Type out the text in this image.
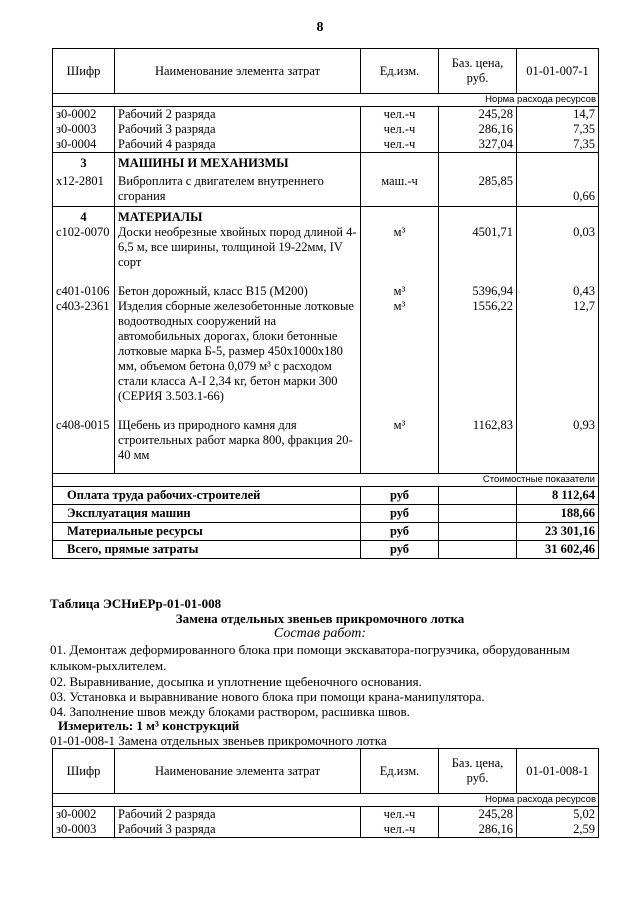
8
Шифр	Наименование элемента затрат	Ед.изм.	Баз. цена, руб.	01-01-007-1
Норма расхода ресурсов				
з0-0002	Рабочий 2 разряда	чел.-ч	245,28	14,7
з0-0003	Рабочий 3 разряда	чел.-ч	286,16	7,35
з0-0004	Рабочий 4 разряда	чел.-ч	327,04	7,35
3	МАШИНЫ И МЕХАНИЗМЫ			
х12-2801	Виброплита с двигателем внутреннего сгорания	маш.-ч	285,85	0,66
4	МАТЕРИАЛЫ			
с102-0070	Доски необрезные хвойных пород длиной 4-6,5 м, все ширины, толщиной 19-22мм, IV сорт	м³	4501,71	0,03
с401-0106	Бетон дорожный, класс В15 (М200)	м³	5396,94	0,43
с403-2361	Изделия сборные железобетонные лотковые водоотводных сооружений на автомобильных дорогах, блоки бетонные лотковые марка Б-5, размер 450x1000x180 мм, объемом бетона 0,079 м³ с расходом стали класса А-I 2,34 кг, бетон марки 300 (СЕРИЯ 3.503.1-66)	м³	1556,22	12,7
с408-0015	Щебень из природного камня для строительных работ марка 800, фракция 20-40 мм	м³	1162,83	0,93
Стоимостные показатели				
Оплата труда рабочих-строителей		руб		8 112,64
Эксплуатация машин		руб		188,66
Материальные ресурсы		руб		23 301,16
Всего, прямые затраты		руб		31 602,46
Таблица ЭСНиЕРр-01-01-008
Замена отдельных звеньев прикромочного лотка
Состав работ:
01. Демонтаж деформированного блока при помощи экскаватора-погрузчика, оборудованным
клыком-рыхлителем.
02. Выравнивание, досыпка и уплотнение щебеночного основания.
03. Установка и выравнивание нового блока при помощи крана-манипулятора.
04. Заполнение швов между блоками раствором, расшивка швов.
Измеритель: 1 м³ конструкций
01-01-008-1 Замена отдельных звеньев прикромочного лотка
Шифр	Наименование элемента затрат	Ед.изм.	Баз. цена, руб.	01-01-008-1
Норма расхода ресурсов				
з0-0002	Рабочий 2 разряда	чел.-ч	245,28	5,02
з0-0003	Рабочий 3 разряда	чел.-ч	286,16	2,59
